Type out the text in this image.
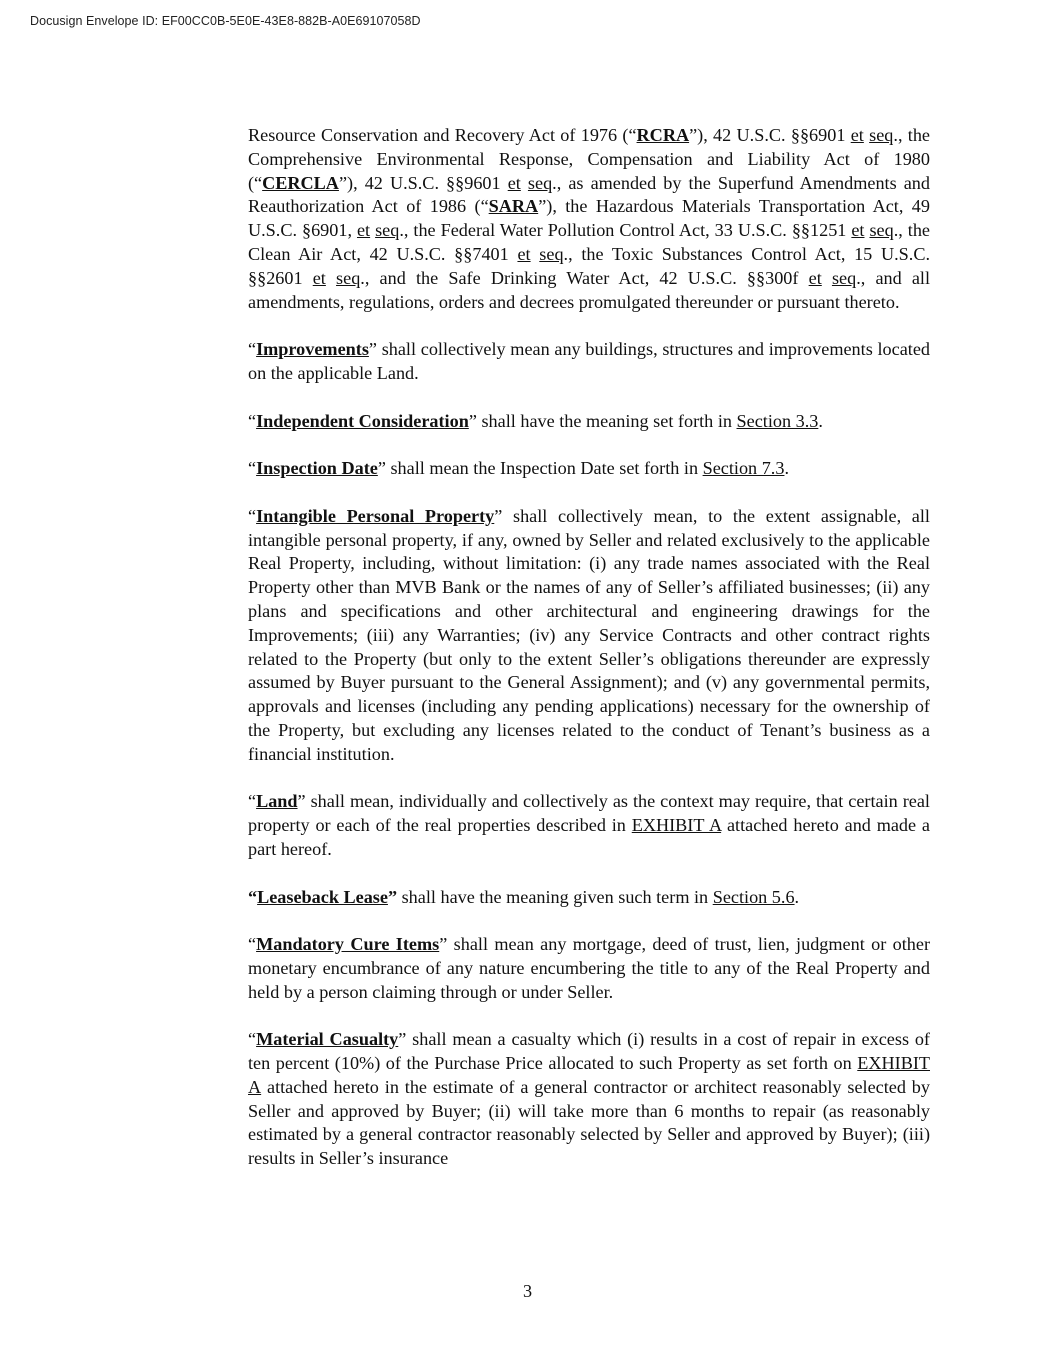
Docusign Envelope ID: EF00CC0B-5E0E-43E8-882B-A0E69107058D

Resource Conservation and Recovery Act of 1976 (“RCRA”), 42 U.S.C. §§6901 et seq., the Comprehensive Environmental Response, Compensation and Liability Act of 1980 (“CERCLA”), 42 U.S.C. §§9601 et seq., as amended by the Superfund Amendments and Reauthorization Act of 1986 (“SARA”), the Hazardous Materials Transportation Act, 49 U.S.C. §6901, et seq., the Federal Water Pollution Control Act, 33 U.S.C. §§1251 et seq., the Clean Air Act, 42 U.S.C. §§7401 et seq., the Toxic Substances Control Act, 15 U.S.C. §§2601 et seq., and the Safe Drinking Water Act, 42 U.S.C. §§300f et seq., and all amendments, regulations, orders and decrees promulgated thereunder or pursuant thereto.

“Improvements” shall collectively mean any buildings, structures and improvements located on the applicable Land.

“Independent Consideration” shall have the meaning set forth in Section 3.3.

“Inspection Date” shall mean the Inspection Date set forth in Section 7.3.

“Intangible Personal Property” shall collectively mean, to the extent assignable, all intangible personal property, if any, owned by Seller and related exclusively to the applicable Real Property, including, without limitation: (i) any trade names associated with the Real Property other than MVB Bank or the names of any of Seller’s affiliated businesses; (ii) any plans and specifications and other architectural and engineering drawings for the Improvements; (iii) any Warranties; (iv) any Service Contracts and other contract rights related to the Property (but only to the extent Seller’s obligations thereunder are expressly assumed by Buyer pursuant to the General Assignment); and (v) any governmental permits, approvals and licenses (including any pending applications) necessary for the ownership of the Property, but excluding any licenses related to the conduct of Tenant’s business as a financial institution.

“Land” shall mean, individually and collectively as the context may require, that certain real property or each of the real properties described in EXHIBIT A attached hereto and made a part hereof.

“Leaseback Lease” shall have the meaning given such term in Section 5.6.

“Mandatory Cure Items” shall mean any mortgage, deed of trust, lien, judgment or other monetary encumbrance of any nature encumbering the title to any of the Real Property and held by a person claiming through or under Seller.

“Material Casualty” shall mean a casualty which (i) results in a cost of repair in excess of ten percent (10%) of the Purchase Price allocated to such Property as set forth on EXHIBIT A attached hereto in the estimate of a general contractor or architect reasonably selected by Seller and approved by Buyer; (ii) will take more than 6 months to repair (as reasonably estimated by a general contractor reasonably selected by Seller and approved by Buyer); (iii) results in Seller’s insurance

3
